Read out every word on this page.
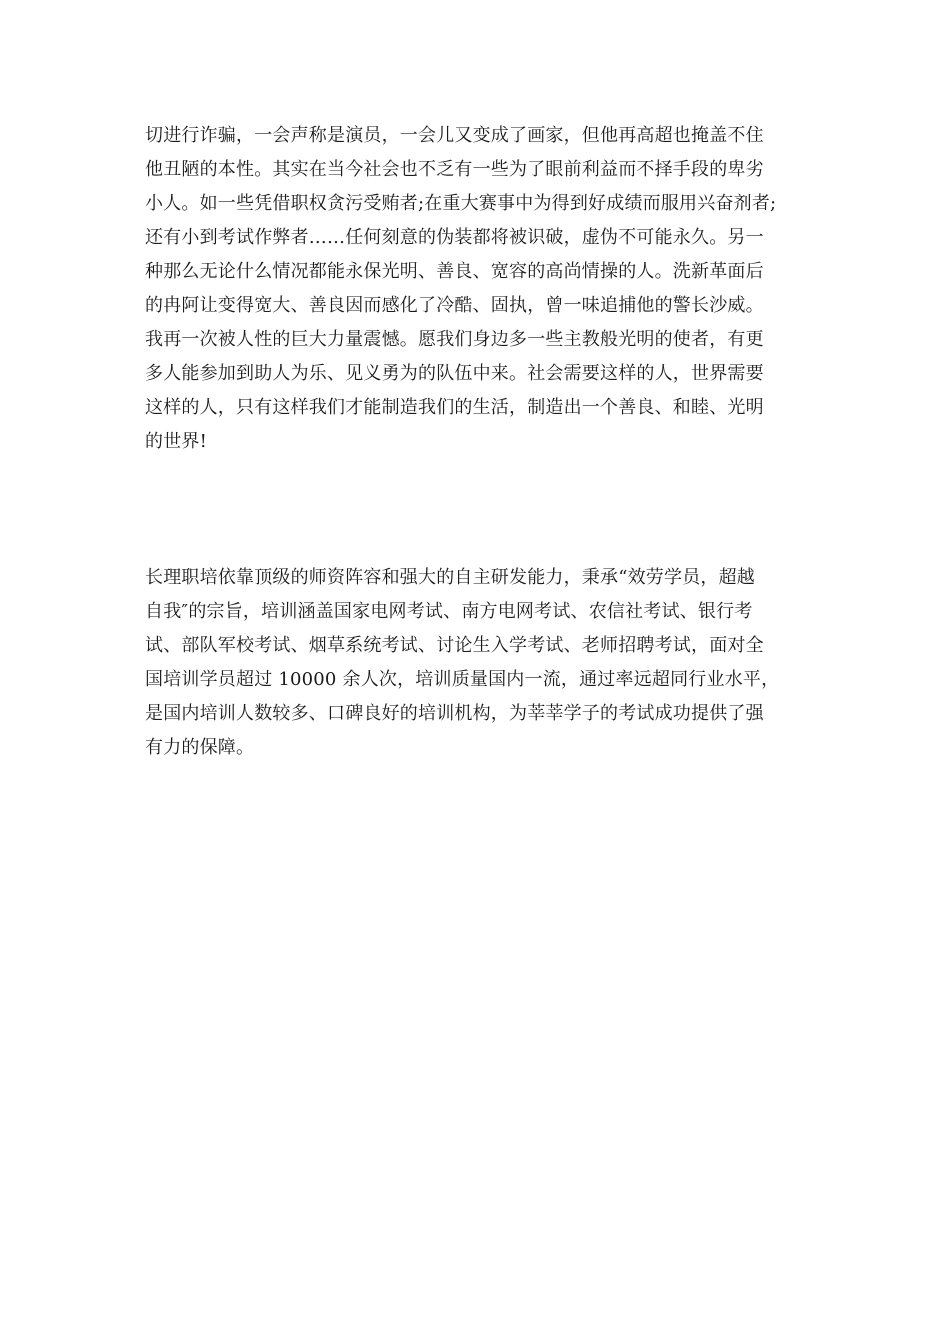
切进行诈骗，一会声称是演员，一会儿又变成了画家，但他再高超也掩盖不住
他丑陋的本性。其实在当今社会也不乏有一些为了眼前利益而不择手段的卑劣
小人。如一些凭借职权贪污受贿者;在重大赛事中为得到好成绩而服用兴奋剂者;
还有小到考试作弊者……任何刻意的伪装都将被识破，虚伪不可能永久。另一
种那么无论什么情况都能永保光明、善良、宽容的高尚情操的人。洗新革面后
的冉阿让变得宽大、善良因而感化了冷酷、固执，曾一味追捕他的警长沙威。
我再一次被人性的巨大力量震憾。愿我们身边多一些主教般光明的使者，有更
多人能参加到助人为乐、见义勇为的队伍中来。社会需要这样的人，世界需要
这样的人，只有这样我们才能制造我们的生活，制造出一个善良、和睦、光明
的世界!
长理职培依靠顶级的师资阵容和强大的自主研发能力，秉承“效劳学员，超越
自我″的宗旨，培训涵盖国家电网考试、南方电网考试、农信社考试、银行考
试、部队军校考试、烟草系统考试、讨论生入学考试、老师招聘考试，面对全
国培训学员超过 10000 余人次，培训质量国内一流，通过率远超同行业水平，
是国内培训人数较多、口碑良好的培训机构，为莘莘学子的考试成功提供了强
有力的保障。
